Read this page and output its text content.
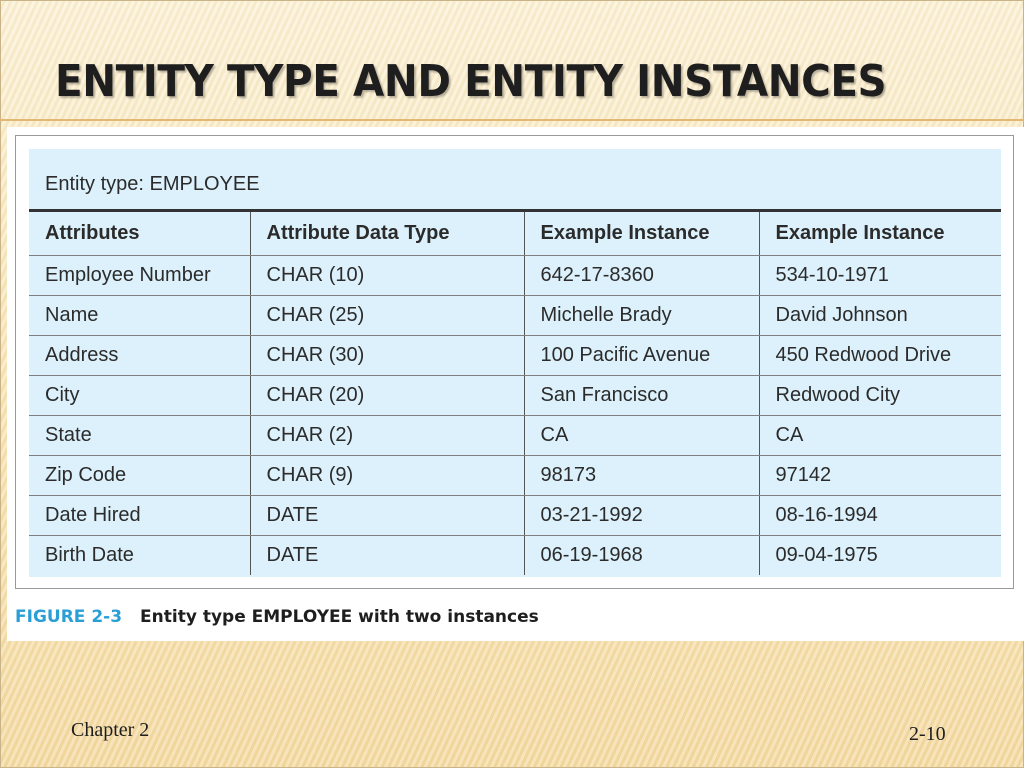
ENTITY TYPE AND ENTITY INSTANCES
Entity type: EMPLOYEE
Attributes	Attribute Data Type	Example Instance	Example Instance
Employee Number	CHAR (10)	642-17-8360	534-10-1971
Name	CHAR (25)	Michelle Brady	David Johnson
Address	CHAR (30)	100 Pacific Avenue	450 Redwood Drive
City	CHAR (20)	San Francisco	Redwood City
State	CHAR (2)	CA	CA
Zip Code	CHAR (9)	98173	97142
Date Hired	DATE	03-21-1992	08-16-1994
Birth Date	DATE	06-19-1968	09-04-1975
FIGURE 2-3 Entity type EMPLOYEE with two instances
Chapter 2	2-10
